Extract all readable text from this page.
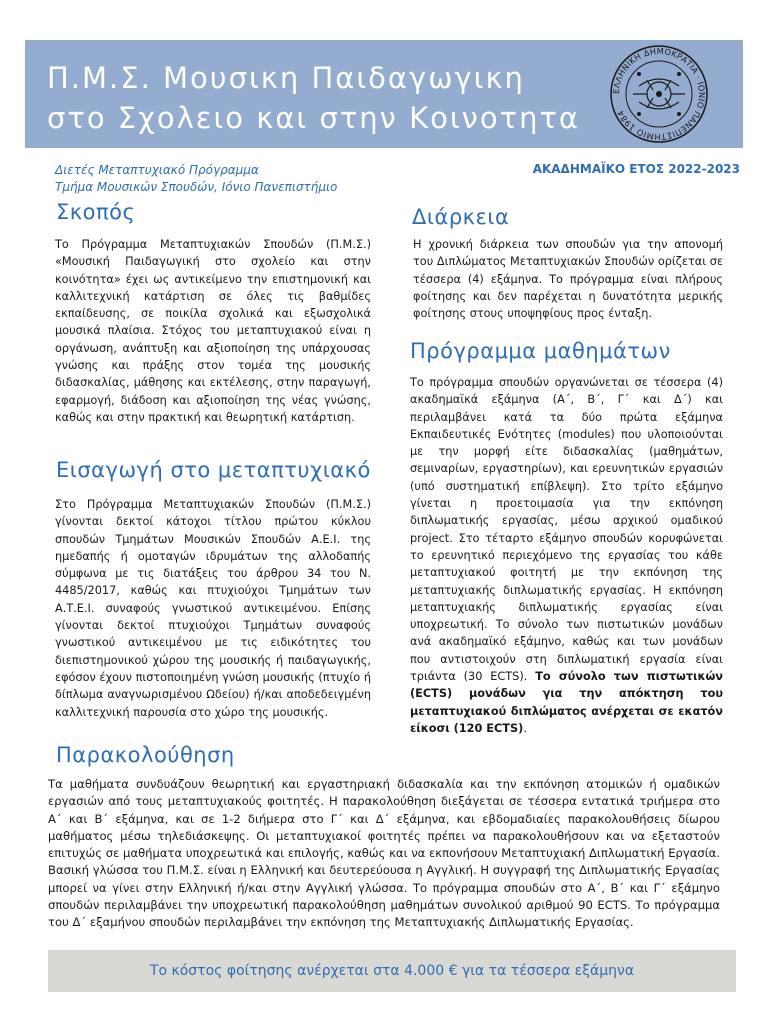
Π.Μ.Σ. Μουσικη Παιδαγωγικη
στο Σχολειο και στην Κοινοτητα
ΕΛΛΗΝΙΚΗ ΔΗΜΟΚΡΑΤΙΑ · ΙΟΝΙΟ ΠΑΝΕΠΙΣΤΗΜΙΟ 1984
Διετές Μεταπτυχιακό Πρόγραμμα
Τμήμα Μουσικών Σπουδών, Ιόνιο Πανεπιστήμιο
ΑΚΑΔΗΜΑΪΚΟ ΕΤΟΣ 2022-2023
Σκοπός

Το Πρόγραμμα Μεταπτυχιακών Σπουδών (Π.Μ.Σ.) «Μουσική Παιδαγωγική στο σχολείο και στην κοινότητα» έχει ως αντικείμενο την επιστημονική και καλλιτεχνική κατάρτιση σε όλες τις βαθμίδες εκπαίδευσης, σε ποικίλα σχολικά και εξωσχολικά μουσικά πλαίσια. Στόχος του μεταπτυχιακού είναι η οργάνωση, ανάπτυξη και αξιοποίηση της υπάρχουσας γνώσης και πράξης στον τομέα της μουσικής διδασκαλίας, μάθησης και εκτέλεσης, στην παραγωγή, εφαρμογή, διάδοση και αξιοποίηση της νέας γνώσης, καθώς και στην πρακτική και θεωρητική κατάρτιση.

Εισαγωγή στο μεταπτυχιακό

Στο Πρόγραμμα Μεταπτυχιακών Σπουδών (Π.Μ.Σ.) γίνονται δεκτοί κάτοχοι τίτλου πρώτου κύκλου σπουδών Τμημάτων Μουσικών Σπουδών Α.Ε.Ι. της ημεδαπής ή ομοταγών ιδρυμάτων της αλλοδαπής σύμφωνα με τις διατάξεις του άρθρου 34 του Ν. 4485/2017, καθώς και πτυχιούχοι Τμημάτων των Α.Τ.Ε.Ι. συναφούς γνωστικού αντικειμένου. Επίσης γίνονται δεκτοί πτυχιούχοι Τμημάτων συναφούς γνωστικού αντικειμένου με τις ειδικότητες του διεπιστημονικού χώρου της μουσικής ή παιδαγωγικής, εφόσον έχουν πιστοποιημένη γνώση μουσικής (πτυχίο ή δίπλωμα αναγνωρισμένου Ωδείου) ή/και αποδεδειγμένη καλλιτεχνική παρουσία στο χώρο της μουσικής.

Διάρκεια

Η χρονική διάρκεια των σπουδών για την απονομή του Διπλώματος Μεταπτυχιακών Σπουδών ορίζεται σε τέσσερα (4) εξάμηνα. Το πρόγραμμα είναι πλήρους φοίτησης και δεν παρέχεται η δυνατότητα μερικής φοίτησης στους υποψηφίους προς ένταξη.

Πρόγραμμα μαθημάτων

Το πρόγραμμα σπουδών οργανώνεται σε τέσσερα (4) ακαδημαϊκά εξάμηνα (Α΄, Β΄, Γ΄ και Δ΄) και περιλαμβάνει κατά τα δύο πρώτα εξάμηνα Εκπαιδευτικές Ενότητες (modules) που υλοποιούνται με την μορφή είτε διδασκαλίας (μαθημάτων, σεμιναρίων, εργαστηρίων), και ερευνητικών εργασιών (υπό συστηματική επίβλεψη). Στο τρίτο εξάμηνο γίνεται η προετοιμασία για την εκπόνηση διπλωματικής εργασίας, μέσω αρχικού ομαδικού project. Στο τέταρτο εξάμηνο σπουδών κορυφώνεται το ερευνητικό περιεχόμενο της εργασίας του κάθε μεταπτυχιακού φοιτητή με την εκπόνηση της μεταπτυχιακής διπλωματικής εργασίας. Η εκπόνηση μεταπτυχιακής διπλωματικής εργασίας είναι υποχρεωτική. Το σύνολο των πιστωτικών μονάδων ανά ακαδημαϊκό εξάμηνο, καθώς και των μονάδων που αντιστοιχούν στη διπλωματική εργασία είναι τριάντα (30 ECTS). Το σύνολο των πιστωτικών (ECTS) μονάδων για την απόκτηση του μεταπτυχιακού διπλώματος ανέρχεται σε εκατόν είκοσι (120 ECTS).

Παρακολούθηση

Τα μαθήματα συνδυάζουν θεωρητική και εργαστηριακή διδασκαλία και την εκπόνηση ατομικών ή ομαδικών εργασιών από τους μεταπτυχιακούς φοιτητές. Η παρακολούθηση διεξάγεται σε τέσσερα εντατικά τριήμερα στο Α΄ και Β΄ εξάμηνα, και σε 1-2 διήμερα στο Γ΄ και Δ΄ εξάμηνα, και εβδομαδιαίες παρακολουθήσεις δίωρου μαθήματος μέσω τηλεδιάσκεψης. Οι μεταπτυχιακοί φοιτητές πρέπει να παρακολουθήσουν και να εξεταστούν επιτυχώς σε μαθήματα υποχρεωτικά και επιλογής, καθώς και να εκπονήσουν Μεταπτυχιακή Διπλωματική Εργασία. Βασική γλώσσα του Π.Μ.Σ. είναι η Ελληνική και δευτερεύουσα η Αγγλική. Η συγγραφή της Διπλωματικής Εργασίας μπορεί να γίνει στην Ελληνική ή/και στην Αγγλική γλώσσα. Το πρόγραμμα σπουδών στο Α΄, Β΄ και Γ΄ εξάμηνο σπουδών περιλαμβάνει την υποχρεωτική παρακολούθηση μαθημάτων συνολικού αριθμού 90 ECTS. Το πρόγραμμα του Δ΄ εξαμήνου σπουδών περιλαμβάνει την εκπόνηση της Μεταπτυχιακής Διπλωματικής Εργασίας.

Το κόστος φοίτησης ανέρχεται στα 4.000 € για τα τέσσερα εξάμηνα
